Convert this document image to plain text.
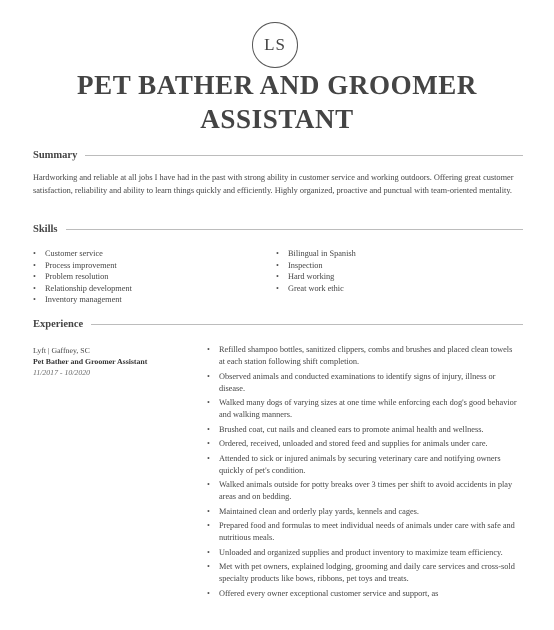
LS
PET BATHER AND GROOMER
ASSISTANT
Summary
Hardworking and reliable at all jobs I have had in the past with strong ability in customer service and working outdoors. Offering great customer satisfaction, reliability and ability to learn things quickly and efficiently. Highly organized, proactive and punctual with team-oriented mentality.
Skills
• Customer service
• Process improvement
• Problem resolution
• Relationship development
• Inventory management
• Bilingual in Spanish
• Inspection
• Hard working
• Great work ethic
Experience
Lyft | Gaffney, SC
Pet Bather and Groomer Assistant
11/2017 - 10/2020
• Refilled shampoo bottles, sanitized clippers, combs and brushes and placed clean towels at each station following shift completion.
• Observed animals and conducted examinations to identify signs of injury, illness or disease.
• Walked many dogs of varying sizes at one time while enforcing each dog's good behavior and walking manners.
• Brushed coat, cut nails and cleaned ears to promote animal health and wellness.
• Ordered, received, unloaded and stored feed and supplies for animals under care.
• Attended to sick or injured animals by securing veterinary care and notifying owners quickly of pet's condition.
• Walked animals outside for potty breaks over 3 times per shift to avoid accidents in play areas and on bedding.
• Maintained clean and orderly play yards, kennels and cages.
• Prepared food and formulas to meet individual needs of animals under care with safe and nutritious meals.
• Unloaded and organized supplies and product inventory to maximize team efficiency.
• Met with pet owners, explained lodging, grooming and daily care services and cross-sold specialty products like bows, ribbons, pet toys and treats.
• Offered every owner exceptional customer service and support, as
